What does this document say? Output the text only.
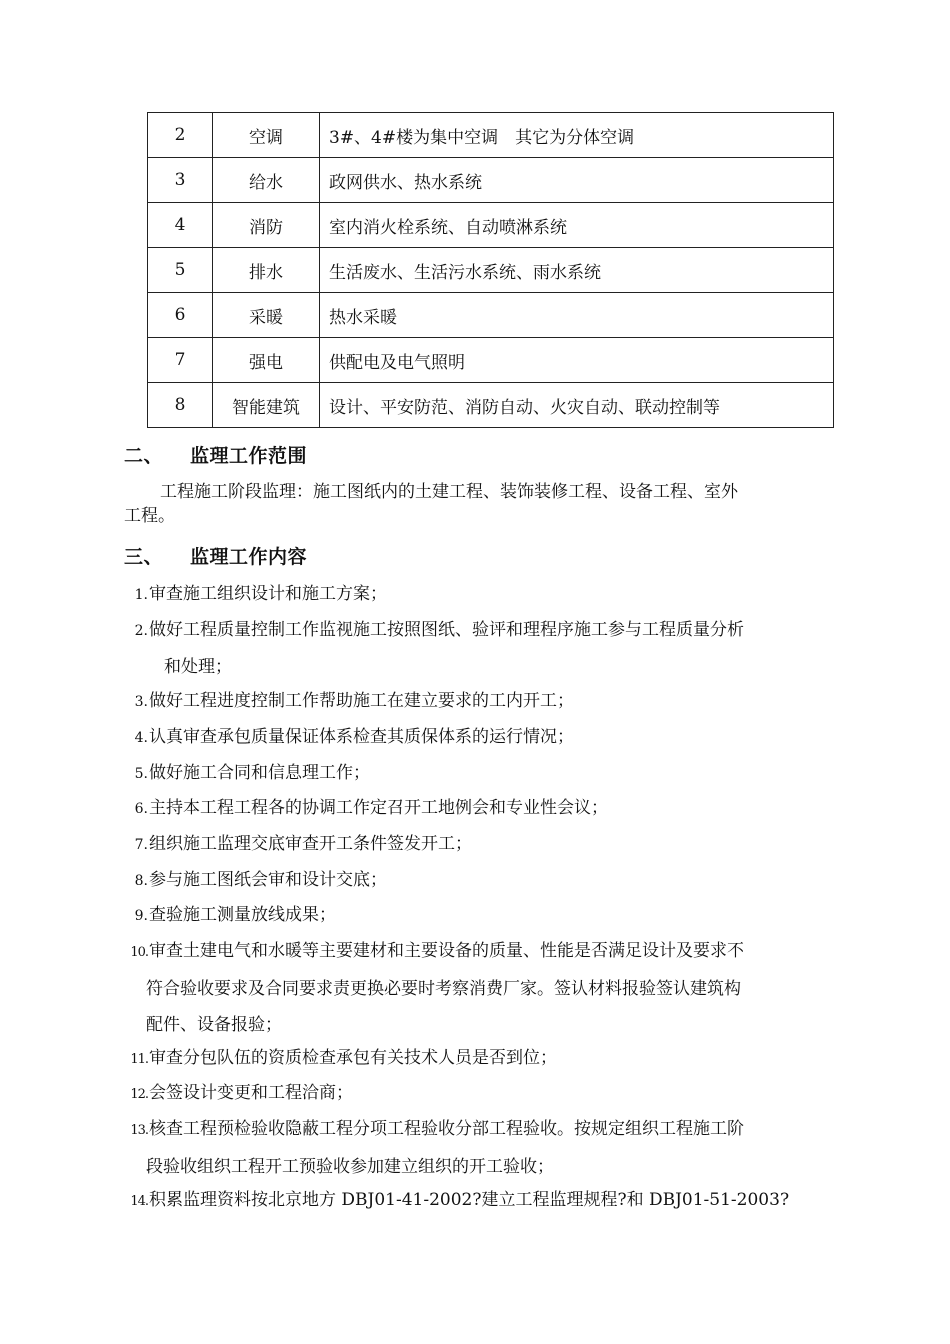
2	空调	3#、4#楼为集中空调　其它为分体空调
3	给水	政网供水、热水系统
4	消防	室内消火栓系统、自动喷淋系统
5	排水	生活废水、生活污水系统、雨水系统
6	采暖	热水采暖
7	强电	供配电及电气照明
8	智能建筑	设计、平安防范、消防自动、火灾自动、联动控制等
二、 监理工作范围
工程施工阶段监理：施工图纸内的土建工程、装饰装修工程、设备工程、室外
工程。
三、 监理工作内容
1.审查施工组织设计和施工方案；
2.做好工程质量控制工作监视施工按照图纸、验评和理程序施工参与工程质量分析
和处理；
3.做好工程进度控制工作帮助施工在建立要求的工内开工；
4.认真审查承包质量保证体系检查其质保体系的运行情况；
5.做好施工合同和信息理工作；
6.主持本工程工程各的协调工作定召开工地例会和专业性会议；
7.组织施工监理交底审查开工条件签发开工；
8.参与施工图纸会审和设计交底；
9.查验施工测量放线成果；
10.审查土建电气和水暖等主要建材和主要设备的质量、性能是否满足设计及要求不
符合验收要求及合同要求责更换必要时考察消费厂家。签认材料报验签认建筑构
配件、设备报验；
11.审查分包队伍的资质检查承包有关技术人员是否到位；
12.会签设计变更和工程洽商；
13.核查工程预检验收隐蔽工程分项工程验收分部工程验收。按规定组织工程施工阶
段验收组织工程开工预验收参加建立组织的开工验收；
14.积累监理资料按北京地方 DBJ01-41-2002?建立工程监理规程?和 DBJ01-51-2003?
